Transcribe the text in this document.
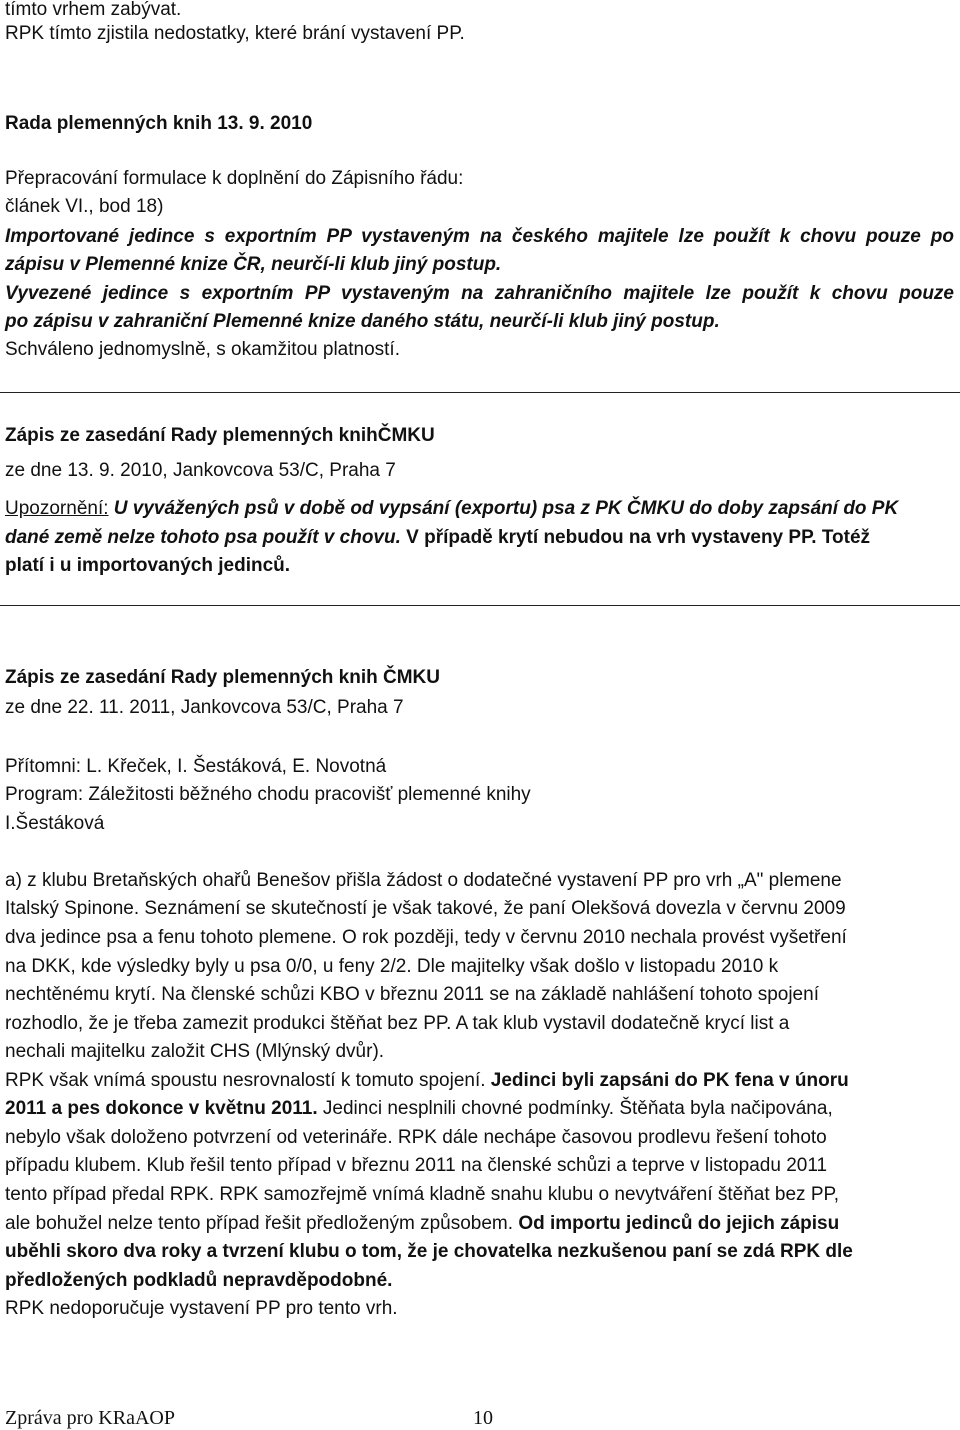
tímto vrhem zabývat.
RPK tímto zjistila nedostatky, které brání vystavení PP.
Rada plemenných knih 13. 9. 2010
Přepracování formulace k doplnění do Zápisního řádu:
článek VI., bod 18)
Importované jedince s exportním PP vystaveným na českého majitele lze použít k chovu pouze po
zápisu v Plemenné knize ČR, neurčí-li klub jiný postup.
Vyvezené jedince s exportním PP vystaveným na zahraničního majitele lze použít k chovu pouze
po zápisu v zahraniční Plemenné knize daného státu, neurčí-li klub jiný postup.
Schváleno jednomyslně, s okamžitou platností.
Zápis ze zasedání Rady plemenných knihČMKU
ze dne 13. 9. 2010, Jankovcova 53/C, Praha 7
Upozornění: U vyvážených psů v době od vypsání (exportu) psa z PK ČMKU do doby zapsání do PK
dané země nelze tohoto psa použít v chovu. V případě krytí nebudou na vrh vystaveny PP. Totéž
platí i u importovaných jedinců.
Zápis ze zasedání Rady plemenných knih ČMKU
ze dne 22. 11. 2011, Jankovcova 53/C, Praha 7
Přítomni: L. Křeček, I. Šestáková, E. Novotná
Program: Záležitosti běžného chodu pracovišť plemenné knihy
I.Šestáková
a) z klubu Bretaňských ohařů Benešov přišla žádost o dodatečné vystavení PP pro vrh „A" plemene
Italský Spinone. Seznámení se skutečností je však takové, že paní Olekšová dovezla v červnu 2009
dva jedince psa a fenu tohoto plemene. O rok později, tedy v červnu 2010 nechala provést vyšetření
na DKK, kde výsledky byly u psa 0/0, u feny 2/2. Dle majitelky však došlo v listopadu 2010 k
nechtěnému krytí. Na členské schůzi KBO v březnu 2011 se na základě nahlášení tohoto spojení
rozhodlo, že je třeba zamezit produkci štěňat bez PP. A tak klub vystavil dodatečně krycí list a
nechali majitelku založit CHS (Mlýnský dvůr).
RPK však vnímá spoustu nesrovnalostí k tomuto spojení. Jedinci byli zapsáni do PK fena v únoru
2011 a pes dokonce v květnu 2011. Jedinci nesplnili chovné podmínky. Štěňata byla načipována,
nebylo však doloženo potvrzení od veterináře. RPK dále nechápe časovou prodlevu řešení tohoto
případu klubem. Klub řešil tento případ v březnu 2011 na členské schůzi a teprve v listopadu 2011
tento případ předal RPK. RPK samozřejmě vnímá kladně snahu klubu o nevytváření štěňat bez PP,
ale bohužel nelze tento případ řešit předloženým způsobem. Od importu jedinců do jejich zápisu
uběhli skoro dva roky a tvrzení klubu o tom, že je chovatelka nezkušenou paní se zdá RPK dle
předložených podkladů nepravděpodobné.
RPK nedoporučuje vystavení PP pro tento vrh.
Zpráva pro KRaAOP	10
